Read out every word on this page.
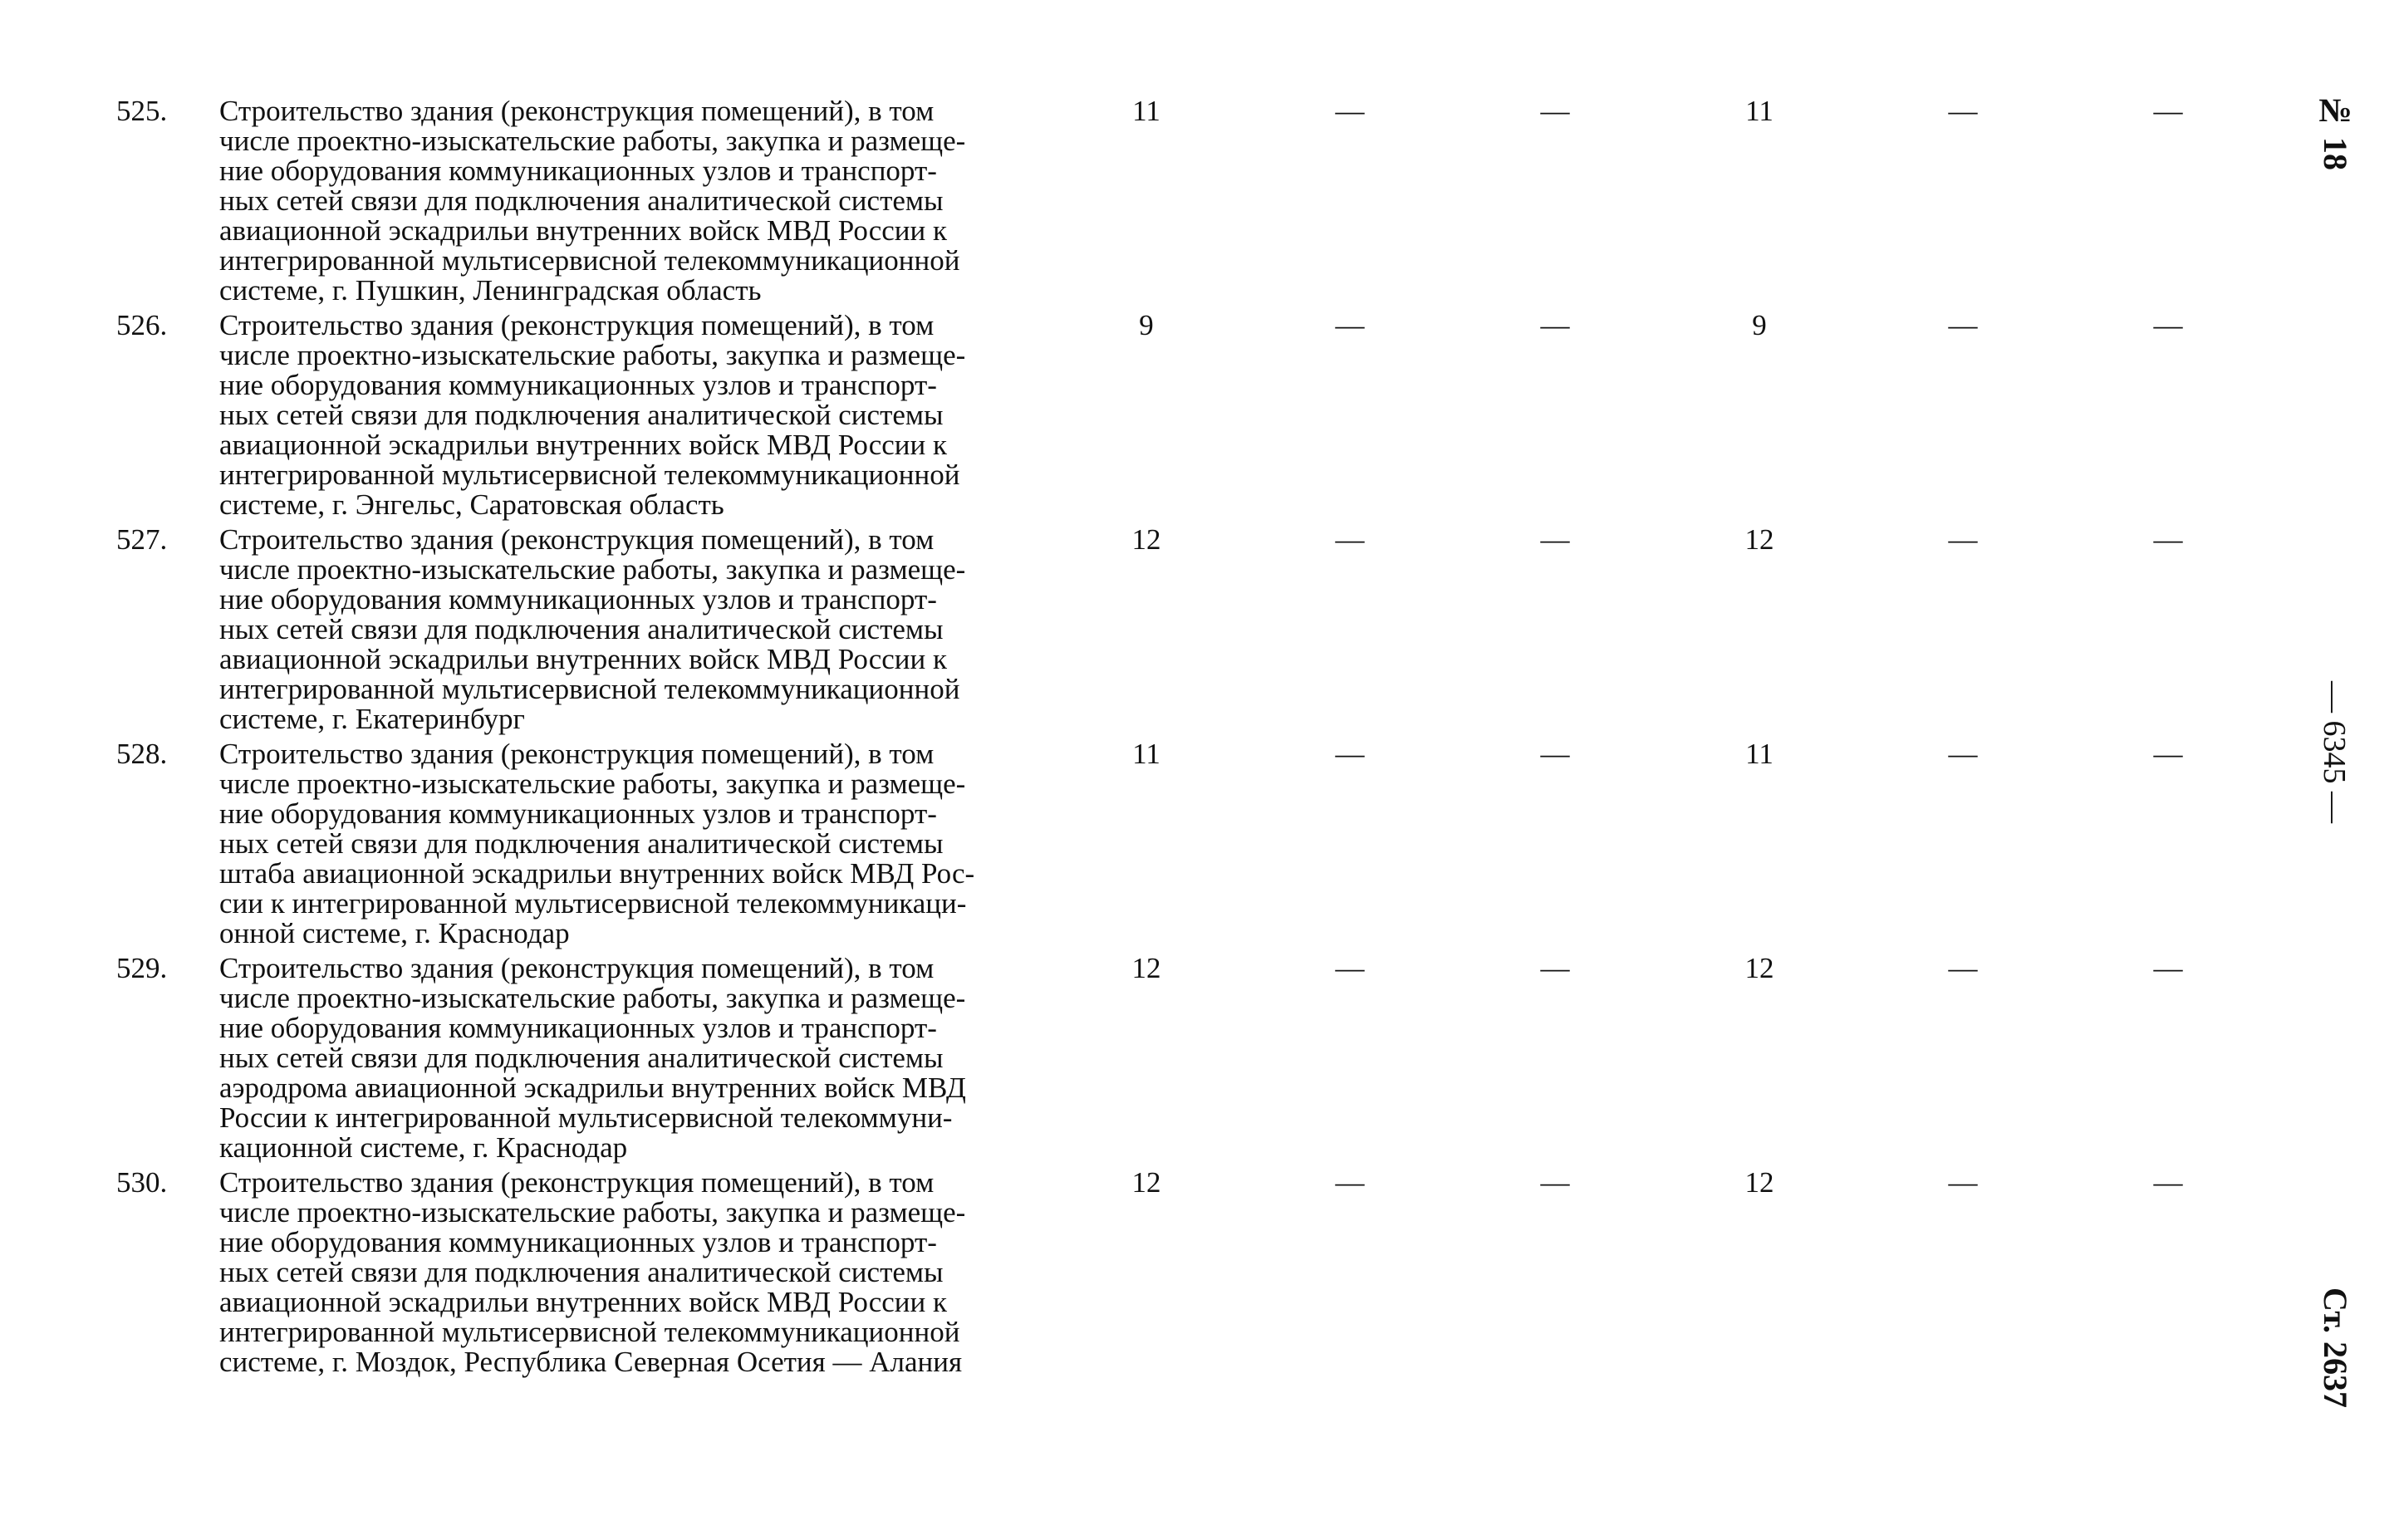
525. Строительство здания (реконструкция помещений), в том
числе проектно-изыскательские работы, закупка и размеще-
ние оборудования коммуникационных узлов и транспорт-
ных сетей связи для подключения аналитической системы
авиационной эскадрильи внутренних войск МВД России к
интегрированной мультисервисной телекоммуникационной
системе, г. Пушкин, Ленинградская область
11	—	—	11	—	—
526. Строительство здания (реконструкция помещений), в том
числе проектно-изыскательские работы, закупка и размеще-
ние оборудования коммуникационных узлов и транспорт-
ных сетей связи для подключения аналитической системы
авиационной эскадрильи внутренних войск МВД России к
интегрированной мультисервисной телекоммуникационной
системе, г. Энгельс, Саратовская область
9	—	—	9	—	—
527. Строительство здания (реконструкция помещений), в том
числе проектно-изыскательские работы, закупка и размеще-
ние оборудования коммуникационных узлов и транспорт-
ных сетей связи для подключения аналитической системы
авиационной эскадрильи внутренних войск МВД России к
интегрированной мультисервисной телекоммуникационной
системе, г. Екатеринбург
12	—	—	12	—	—
528. Строительство здания (реконструкция помещений), в том
числе проектно-изыскательские работы, закупка и размеще-
ние оборудования коммуникационных узлов и транспорт-
ных сетей связи для подключения аналитической системы
штаба авиационной эскадрильи внутренних войск МВД Рос-
сии к интегрированной мультисервисной телекоммуникаци-
онной системе, г. Краснодар
11	—	—	11	—	—
529. Строительство здания (реконструкция помещений), в том
числе проектно-изыскательские работы, закупка и размеще-
ние оборудования коммуникационных узлов и транспорт-
ных сетей связи для подключения аналитической системы
аэродрома авиационной эскадрильи внутренних войск МВД
России к интегрированной мультисервисной телекоммуни-
кационной системе, г. Краснодар
12	—	—	12	—	—
530. Строительство здания (реконструкция помещений), в том
числе проектно-изыскательские работы, закупка и размеще-
ние оборудования коммуникационных узлов и транспорт-
ных сетей связи для подключения аналитической системы
авиационной эскадрильи внутренних войск МВД России к
интегрированной мультисервисной телекоммуникационной
системе, г. Моздок, Республика Северная Осетия — Алания
12	—	—	12	—	—
№ 18
— 6345 —
Ст. 2637
